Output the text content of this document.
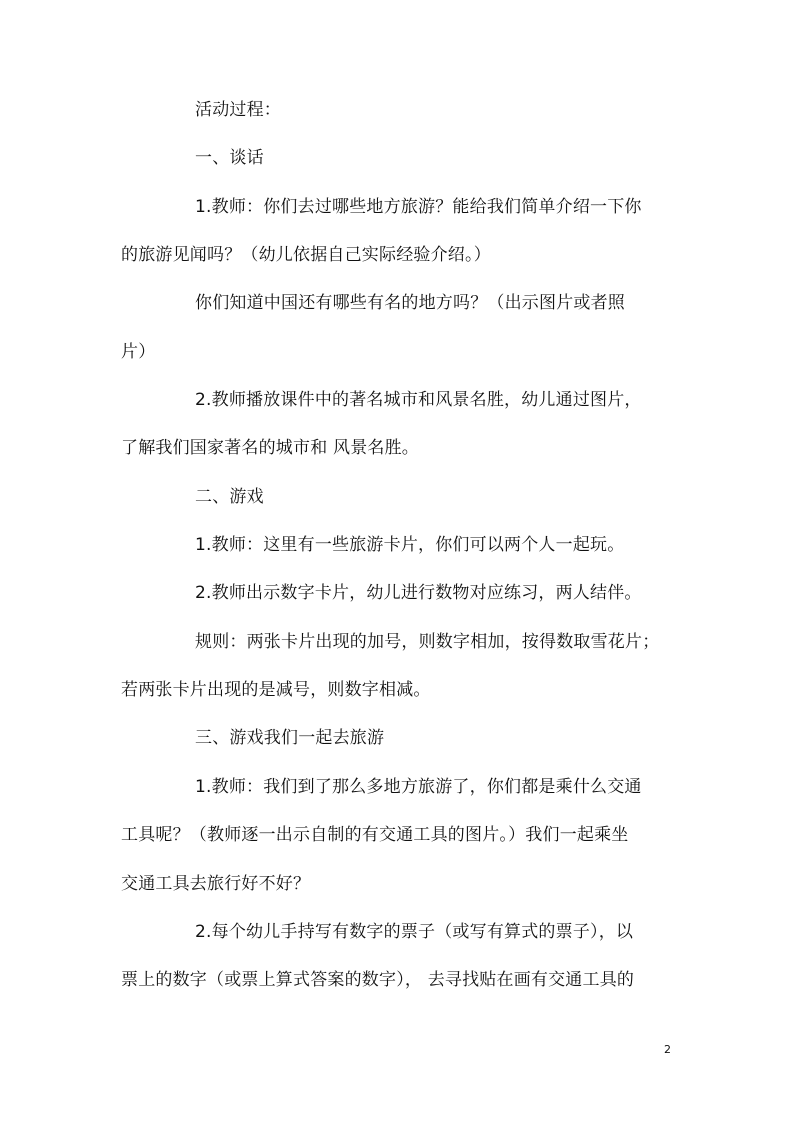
活动过程：
一、谈话
1.教师：你们去过哪些地方旅游？能给我们简单介绍一下你
的旅游见闻吗？（幼儿依据自己实际经验介绍。）
你们知道中国还有哪些有名的地方吗？（出示图片或者照
片）
2.教师播放课件中的著名城市和风景名胜，幼儿通过图片，
了解我们国家著名的城市和 风景名胜。
二、游戏
1.教师：这里有一些旅游卡片，你们可以两个人一起玩。
2.教师出示数字卡片，幼儿进行数物对应练习，两人结伴。
规则：两张卡片出现的加号，则数字相加，按得数取雪花片；
若两张卡片出现的是减号，则数字相减。
三、游戏我们一起去旅游
1.教师：我们到了那么多地方旅游了，你们都是乘什么交通
工具呢？（教师逐一出示自制的有交通工具的图片。）我们一起乘坐
交通工具去旅行好不好？
2.每个幼儿手持写有数字的票子（或写有算式的票子），以
票上的数字（或票上算式答案的数字）， 去寻找贴在画有交通工具的
2
